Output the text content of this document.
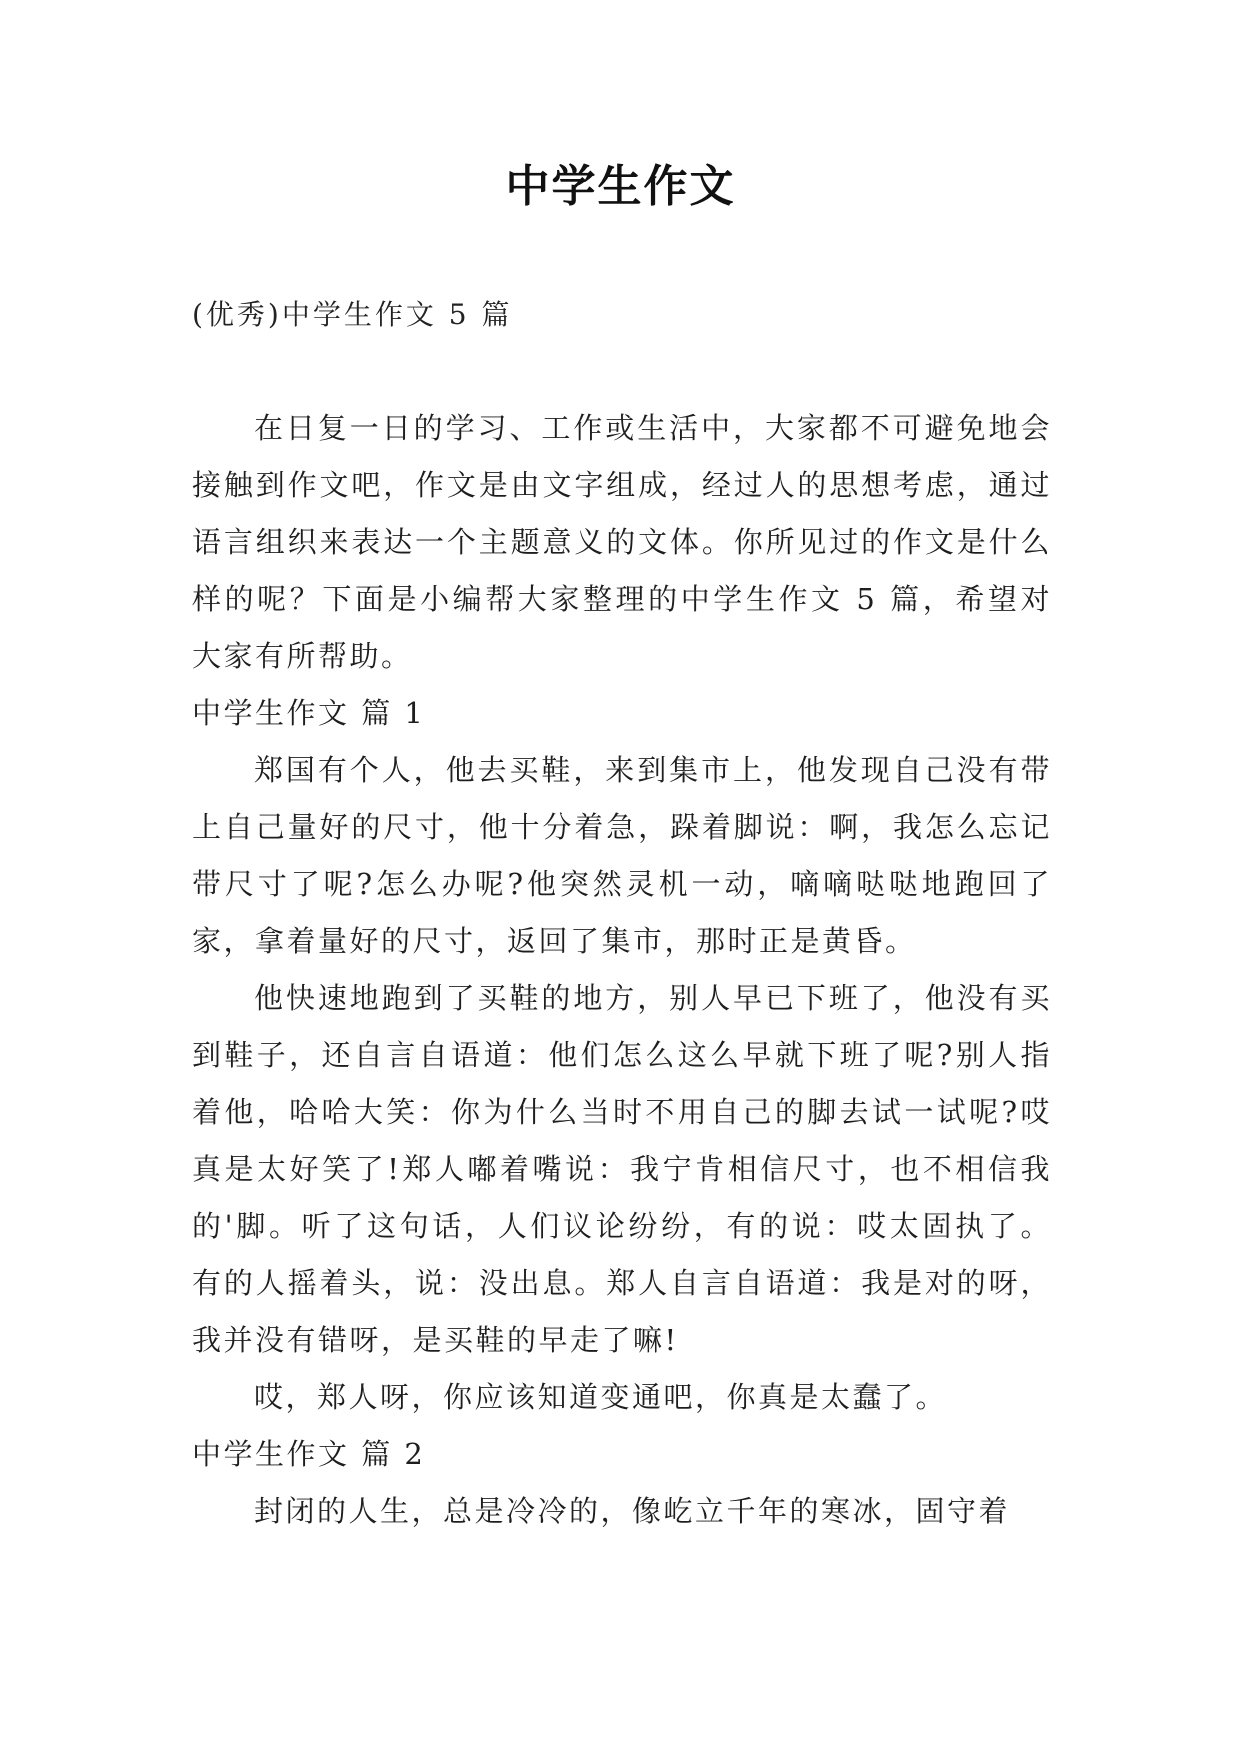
中学生作文
(优秀)中学生作文 5 篇

在日复一日的学习、工作或生活中，大家都不可避免地会接触到作文吧，作文是由文字组成，经过人的思想考虑，通过语言组织来表达一个主题意义的文体。你所见过的作文是什么样的呢？下面是小编帮大家整理的中学生作文 5 篇，希望对大家有所帮助。

中学生作文 篇 1

郑国有个人，他去买鞋，来到集市上，他发现自己没有带上自己量好的尺寸，他十分着急，跺着脚说：啊，我怎么忘记带尺寸了呢?怎么办呢?他突然灵机一动，嘀嘀哒哒地跑回了家，拿着量好的尺寸，返回了集市，那时正是黄昏。

他快速地跑到了买鞋的地方，别人早已下班了，他没有买到鞋子，还自言自语道：他们怎么这么早就下班了呢?别人指着他，哈哈大笑：你为什么当时不用自己的脚去试一试呢?哎真是太好笑了!郑人嘟着嘴说：我宁肯相信尺寸，也不相信我的'脚。听了这句话，人们议论纷纷，有的说：哎太固执了。有的人摇着头，说：没出息。郑人自言自语道：我是对的呀，我并没有错呀，是买鞋的早走了嘛!

哎，郑人呀，你应该知道变通吧，你真是太蠢了。

中学生作文 篇 2

封闭的人生，总是冷冷的，像屹立千年的寒冰，固守着
